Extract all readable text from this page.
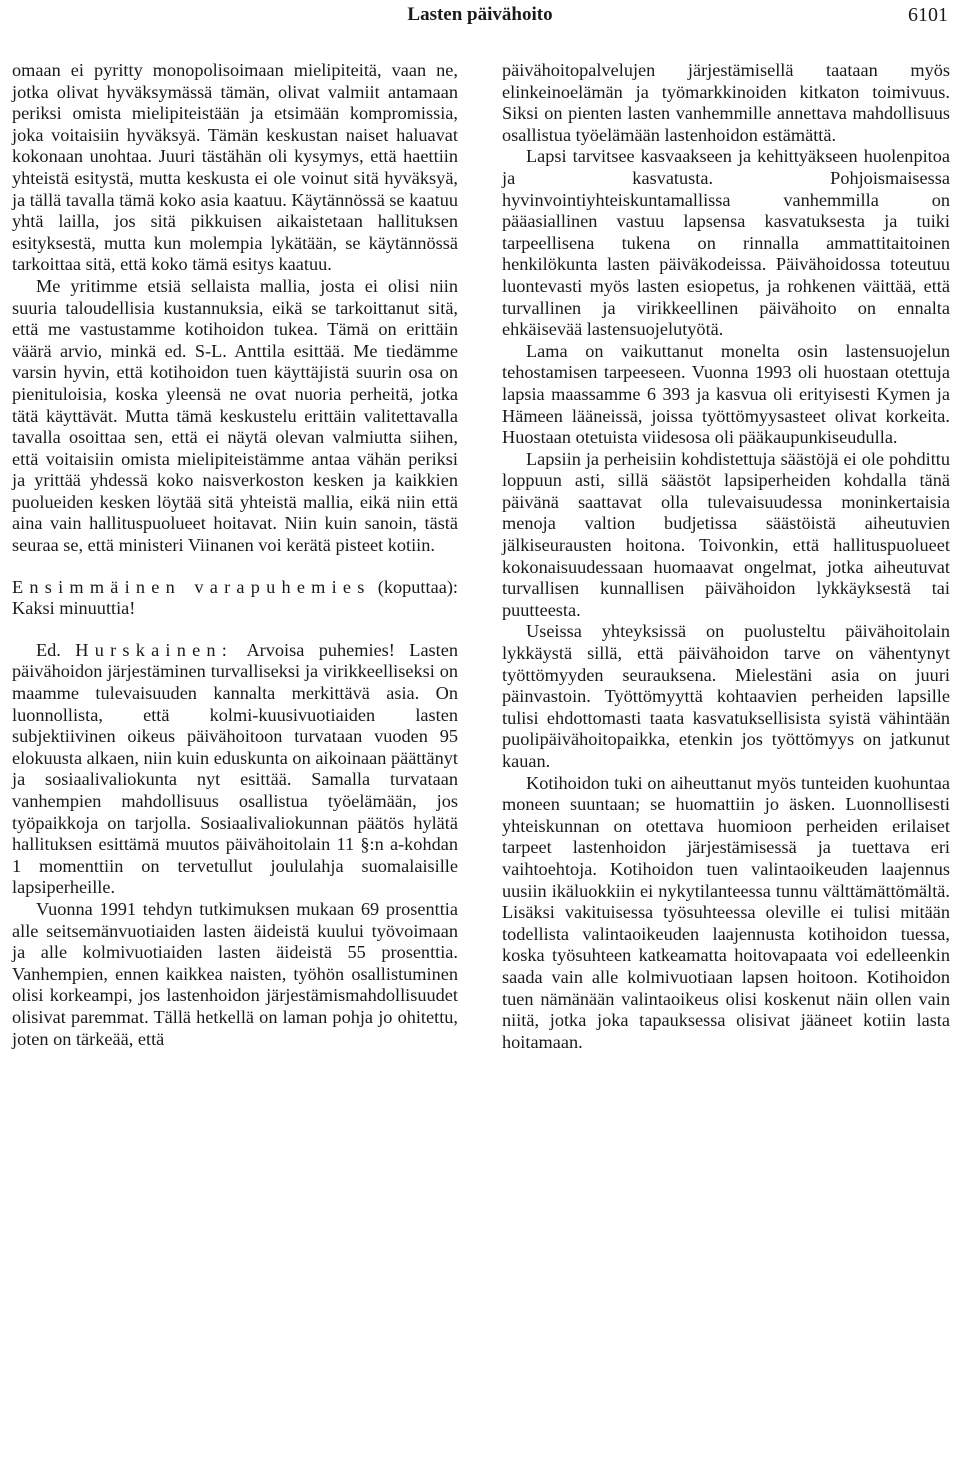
Lasten päivähoito	6101

omaan ei pyritty monopolisoimaan mielipiteitä, vaan ne, jotka olivat hyväksymässä tämän, olivat valmiit antamaan periksi omista mielipiteistään ja etsimään kompromissia, joka voitaisiin hyväksyä. Tämän keskustan naiset haluavat kokonaan unohtaa. Juuri tästähän oli kysymys, että haettiin yhteistä esitystä, mutta keskusta ei ole voinut sitä hyväksyä, ja tällä tavalla tämä koko asia kaatuu. Käytännössä se kaatuu yhtä lailla, jos sitä pikkuisen aikaistetaan hallituksen esityksestä, mutta kun molempia lykätään, se käytännössä tarkoittaa sitä, että koko tämä esitys kaatuu.

Me yritimme etsiä sellaista mallia, josta ei olisi niin suuria taloudellisia kustannuksia, eikä se tarkoittanut sitä, että me vastustamme kotihoidon tukea. Tämä on erittäin väärä arvio, minkä ed. S-L. Anttila esittää. Me tiedämme varsin hyvin, että kotihoidon tuen käyttäjistä suurin osa on pienituloisia, koska yleensä ne ovat nuoria perheitä, jotka tätä käyttävät. Mutta tämä keskustelu erittäin valitettavalla tavalla osoittaa sen, että ei näytä olevan valmiutta siihen, että voitaisiin omista mielipiteistämme antaa vähän periksi ja yrittää yhdessä koko naisverkoston kesken ja kaikkien puolueiden kesken löytää sitä yhteistä mallia, eikä niin että aina vain hallituspuolueet hoitavat. Niin kuin sanoin, tästä seuraa se, että ministeri Viinanen voi kerätä pisteet kotiin.

Ensimmäinen varapuhemies (koputtaa): Kaksi minuuttia!

Ed. Hurskainen: Arvoisa puhemies! Lasten päivähoidon järjestäminen turvalliseksi ja virikkeelliseksi on maamme tulevaisuuden kannalta merkittävä asia. On luonnollista, että kolmi-kuusivuotiaiden lasten subjektiivinen oikeus päivähoitoon turvataan vuoden 95 elokuusta alkaen, niin kuin eduskunta on aikoinaan päättänyt ja sosiaalivaliokunta nyt esittää. Samalla turvataan vanhempien mahdollisuus osallistua työelämään, jos työpaikkoja on tarjolla. Sosiaalivaliokunnan päätös hylätä hallituksen esittämä muutos päivähoitolain 11 §:n a-kohdan 1 momenttiin on tervetullut joululahja suomalaisille lapsiperheille.

Vuonna 1991 tehdyn tutkimuksen mukaan 69 prosenttia alle seitsemänvuotiaiden lasten äideistä kuului työvoimaan ja alle kolmivuotiaiden lasten äideistä 55 prosenttia. Vanhempien, ennen kaikkea naisten, työhön osallistuminen olisi korkeampi, jos lastenhoidon järjestämismahdollisuudet olisivat paremmat. Tällä hetkellä on laman pohja jo ohitettu, joten on tärkeää, että

päivähoitopalvelujen järjestämisellä taataan myös elinkeinoelämän ja työmarkkinoiden kitkaton toimivuus. Siksi on pienten lasten vanhemmille annettava mahdollisuus osallistua työelämään lastenhoidon estämättä.

Lapsi tarvitsee kasvaakseen ja kehittyäkseen huolenpitoa ja kasvatusta. Pohjoismaisessa hyvinvointiyhteiskuntamallissa vanhemmilla on pääasiallinen vastuu lapsensa kasvatuksesta ja tuiki tarpeellisena tukena on rinnalla ammattitaitoinen henkilökunta lasten päiväkodeissa. Päivähoidossa toteutuu luontevasti myös lasten esiopetus, ja rohkenen väittää, että turvallinen ja virikkeellinen päivähoito on ennalta ehkäisevää lastensuojelutyötä.

Lama on vaikuttanut monelta osin lastensuojelun tehostamisen tarpeeseen. Vuonna 1993 oli huostaan otettuja lapsia maassamme 6 393 ja kasvua oli erityisesti Kymen ja Hämeen lääneissä, joissa työttömyysasteet olivat korkeita. Huostaan otetuista viidesosa oli pääkaupunkiseudulla.

Lapsiin ja perheisiin kohdistettuja säästöjä ei ole pohdittu loppuun asti, sillä säästöt lapsiperheiden kohdalla tänä päivänä saattavat olla tulevaisuudessa moninkertaisia menoja valtion budjetissa säästöistä aiheutuvien jälkiseurausten hoitona. Toivonkin, että hallituspuolueet kokonaisuudessaan huomaavat ongelmat, jotka aiheutuvat turvallisen kunnallisen päivähoidon lykkäyksestä tai puutteesta.

Useissa yhteyksissä on puolusteltu päivähoitolain lykkäystä sillä, että päivähoidon tarve on vähentynyt työttömyyden seurauksena. Mielestäni asia on juuri päinvastoin. Työttömyyttä kohtaavien perheiden lapsille tulisi ehdottomasti taata kasvatuksellisista syistä vähintään puolipäivähoitopaikka, etenkin jos työttömyys on jatkunut kauan.

Kotihoidon tuki on aiheuttanut myös tunteiden kuohuntaa moneen suuntaan; se huomattiin jo äsken. Luonnollisesti yhteiskunnan on otettava huomioon perheiden erilaiset tarpeet lastenhoidon järjestämisessä ja tuettava eri vaihtoehtoja. Kotihoidon tuen valintaoikeuden laajennus uusiin ikäluokkiin ei nykytilanteessa tunnu välttämättömältä. Lisäksi vakituisessa työsuhteessa oleville ei tulisi mitään todellista valintaoikeuden laajennusta kotihoidon tuessa, koska työsuhteen katkeamatta hoitovapaata voi edelleenkin saada vain alle kolmivuotiaan lapsen hoitoon. Kotihoidon tuen nämänään valintaoikeus olisi koskenut näin ollen vain niitä, jotka joka tapauksessa olisivat jääneet kotiin lasta hoitamaan.
